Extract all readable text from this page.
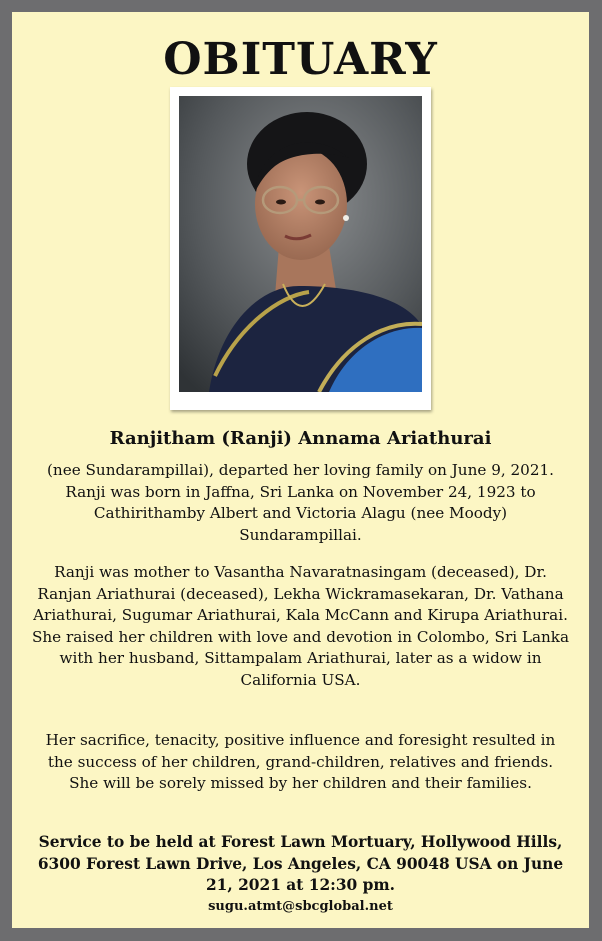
OBITUARY
Ranjitham (Ranji) Annama Ariathurai
(nee Sundarampillai), departed her loving family on June 9, 2021. Ranji was born in Jaffna, Sri Lanka on November 24, 1923 to Cathirithamby Albert and Victoria Alagu (nee Moody) Sundarampillai.
Ranji was mother to Vasantha Navaratnasingam (deceased), Dr. Ranjan Ariathurai (deceased), Lekha Wickramasekaran, Dr. Vathana Ariathurai, Sugumar Ariathurai, Kala McCann and Kirupa Ariathurai. She raised her children with love and devotion in Colombo, Sri Lanka with her husband, Sittampalam Ariathurai, later as a widow in California USA.
Her sacrifice, tenacity, positive influence and foresight resulted in the success of her children, grand-children, relatives and friends. She will be sorely missed by her children and their families.
Service to be held at Forest Lawn Mortuary, Hollywood Hills, 6300 Forest Lawn Drive, Los Angeles, CA 90048 USA on June 21, 2021 at 12:30 pm.
sugu.atmt@sbcglobal.net
